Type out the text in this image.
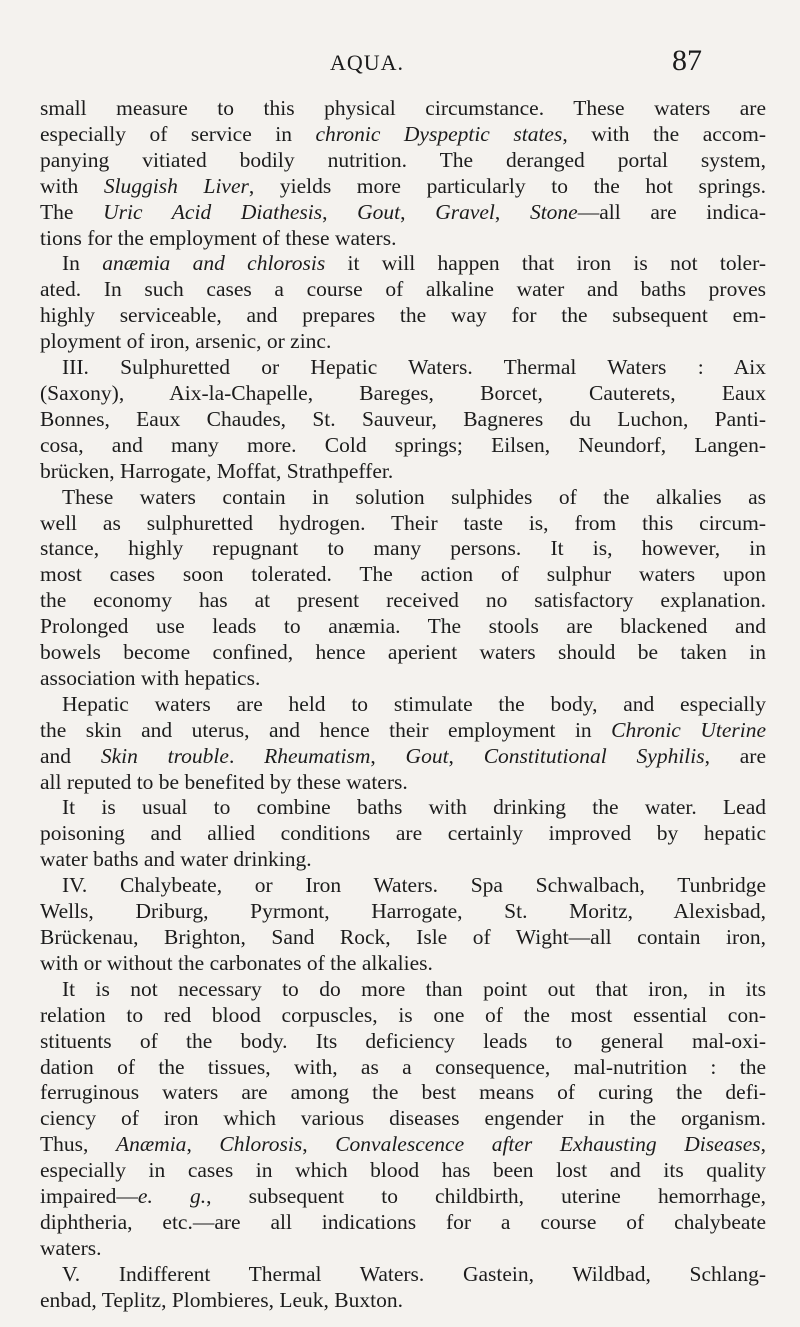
AQUA.	87
small measure to this physical circumstance. These waters are
especially of service in chronic Dyspeptic states, with the accom-
panying vitiated bodily nutrition. The deranged portal system,
with Sluggish Liver, yields more particularly to the hot springs.
The Uric Acid Diathesis, Gout, Gravel, Stone—all are indica-
tions for the employment of these waters.
In anæmia and chlorosis it will happen that iron is not toler-
ated. In such cases a course of alkaline water and baths proves
highly serviceable, and prepares the way for the subsequent em-
ployment of iron, arsenic, or zinc.
III. Sulphuretted or Hepatic Waters. Thermal Waters : Aix
(Saxony), Aix-la-Chapelle, Bareges, Borcet, Cauterets, Eaux
Bonnes, Eaux Chaudes, St. Sauveur, Bagneres du Luchon, Panti-
cosa, and many more. Cold springs; Eilsen, Neundorf, Langen-
brücken, Harrogate, Moffat, Strathpeffer.
These waters contain in solution sulphides of the alkalies as
well as sulphuretted hydrogen. Their taste is, from this circum-
stance, highly repugnant to many persons. It is, however, in
most cases soon tolerated. The action of sulphur waters upon
the economy has at present received no satisfactory explanation.
Prolonged use leads to anæmia. The stools are blackened and
bowels become confined, hence aperient waters should be taken in
association with hepatics.
Hepatic waters are held to stimulate the body, and especially
the skin and uterus, and hence their employment in Chronic Uterine
and Skin trouble. Rheumatism, Gout, Constitutional Syphilis, are
all reputed to be benefited by these waters.
It is usual to combine baths with drinking the water. Lead
poisoning and allied conditions are certainly improved by hepatic
water baths and water drinking.
IV. Chalybeate, or Iron Waters. Spa Schwalbach, Tunbridge
Wells, Driburg, Pyrmont, Harrogate, St. Moritz, Alexisbad,
Brückenau, Brighton, Sand Rock, Isle of Wight—all contain iron,
with or without the carbonates of the alkalies.
It is not necessary to do more than point out that iron, in its
relation to red blood corpuscles, is one of the most essential con-
stituents of the body. Its deficiency leads to general mal-oxi-
dation of the tissues, with, as a consequence, mal-nutrition : the
ferruginous waters are among the best means of curing the defi-
ciency of iron which various diseases engender in the organism.
Thus, Anæmia, Chlorosis, Convalescence after Exhausting Diseases,
especially in cases in which blood has been lost and its quality
impaired—e. g., subsequent to childbirth, uterine hemorrhage,
diphtheria, etc.—are all indications for a course of chalybeate
waters.
V. Indifferent Thermal Waters. Gastein, Wildbad, Schlang-
enbad, Teplitz, Plombieres, Leuk, Buxton.
